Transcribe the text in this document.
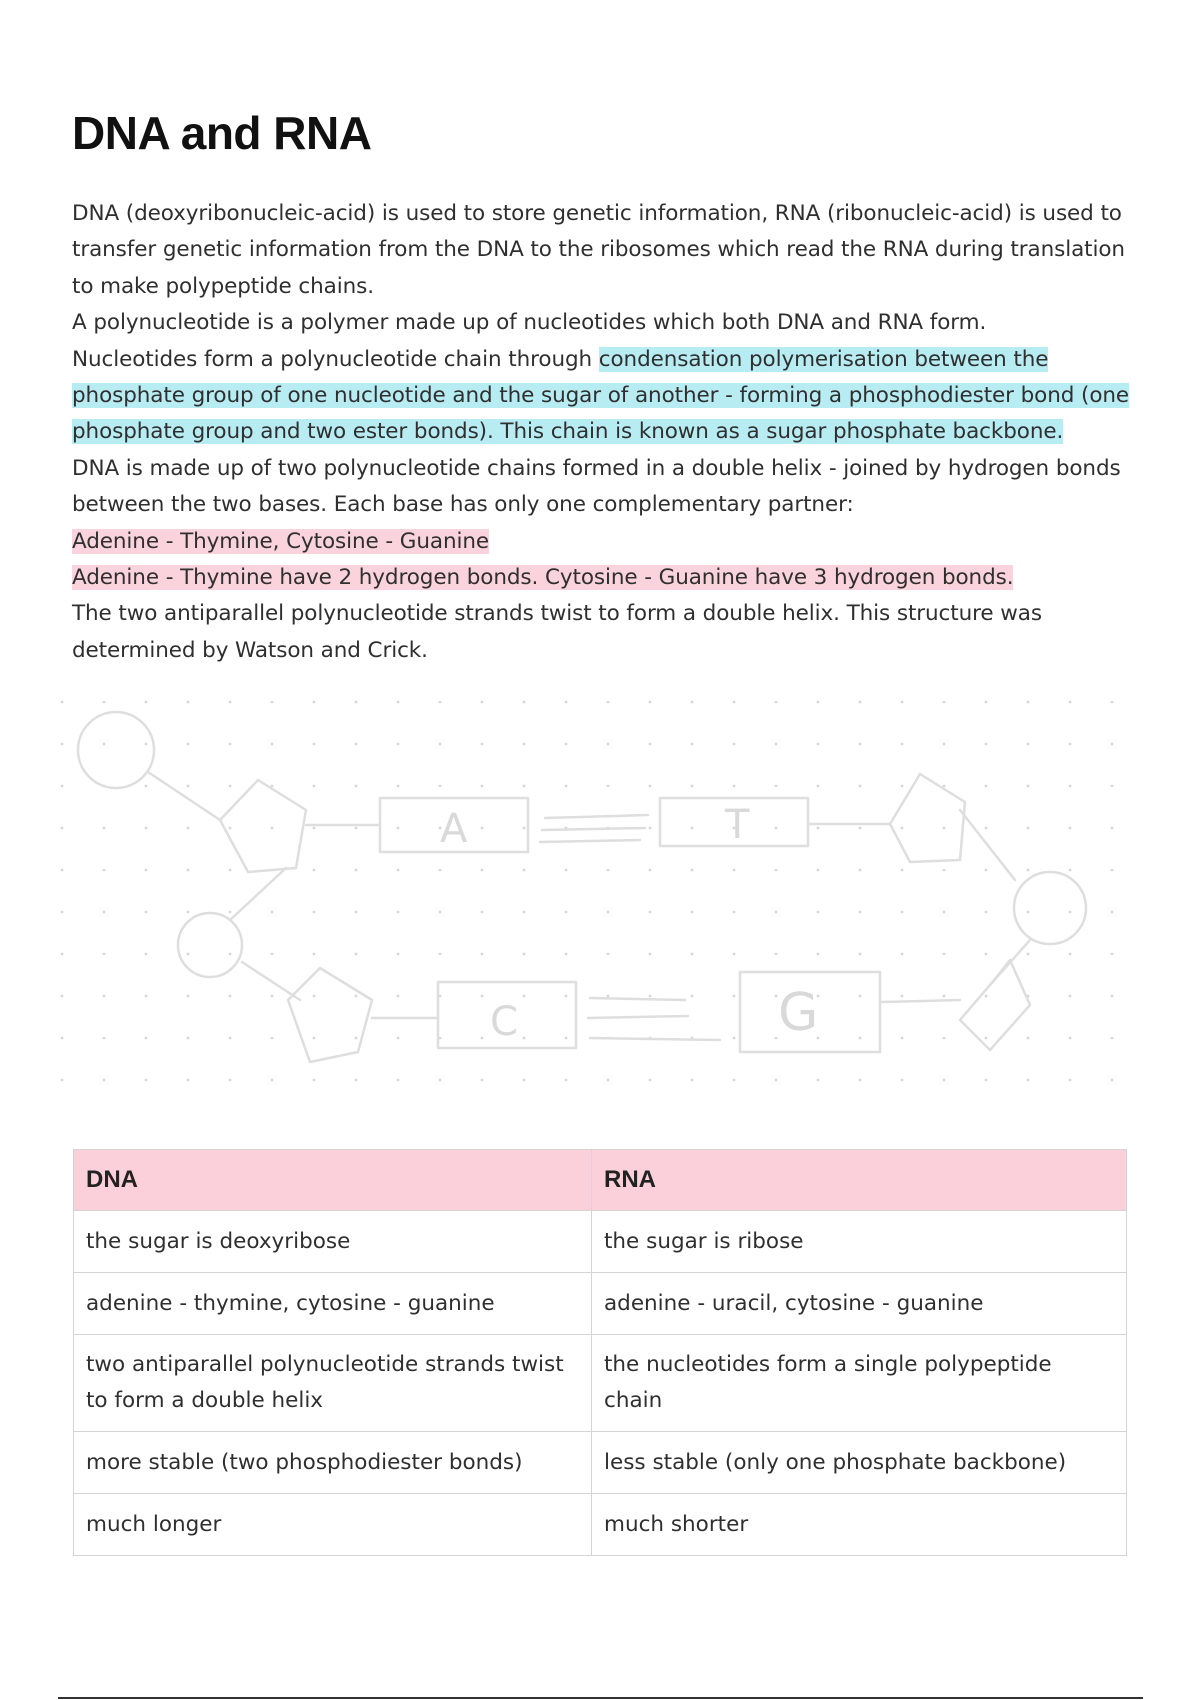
DNA and RNA

DNA (deoxyribonucleic-acid) is used to store genetic information, RNA (ribonucleic-acid) is used to transfer genetic information from the DNA to the ribosomes which read the RNA during translation to make polypeptide chains.

A polynucleotide is a polymer made up of nucleotides which both DNA and RNA form.

Nucleotides form a polynucleotide chain through condensation polymerisation between the phosphate group of one nucleotide and the sugar of another - forming a phosphodiester bond (one phosphate group and two ester bonds). This chain is known as a sugar phosphate backbone.

DNA is made up of two polynucleotide chains formed in a double helix - joined by hydrogen bonds between the two bases. Each base has only one complementary partner:

Adenine - Thymine, Cytosine - Guanine

Adenine - Thymine have 2 hydrogen bonds. Cytosine - Guanine have 3 hydrogen bonds.

The two antiparallel polynucleotide strands twist to form a double helix. This structure was determined by Watson and Crick.

A	T
C	G
DNA	RNA
the sugar is deoxyribose	the sugar is ribose
adenine - thymine, cytosine - guanine	adenine - uracil, cytosine - guanine
two antiparallel polynucleotide strands twist to form a double helix	the nucleotides form a single polypeptide chain
more stable (two phosphodiester bonds)	less stable (only one phosphate backbone)
much longer	much shorter
